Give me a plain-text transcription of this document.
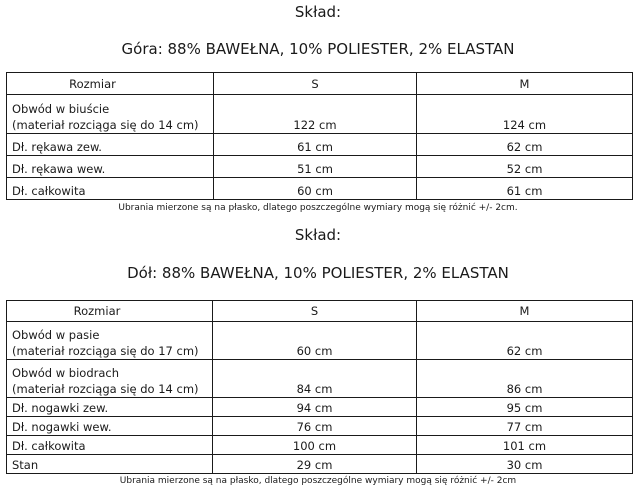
Skład:
Góra: 88% BAWEŁNA, 10% POLIESTER, 2% ELASTAN
Rozmiar	S	M

Obwód w biuście
(materiał rozciąga się do 14 cm)	122 cm	124 cm
Dł. rękawa zew.	61 cm	62 cm
Dł. rękawa wew.	51 cm	52 cm
Dł. całkowita	60 cm	61 cm
Ubrania mierzone są na płasko, dlatego poszczególne wymiary mogą się różnić +/- 2cm.
Skład:
Dół: 88% BAWEŁNA, 10% POLIESTER, 2% ELASTAN
Rozmiar	S	M

Obwód w pasie
(materiał rozciąga się do 17 cm)	60 cm	62 cm

Obwód w biodrach
(materiał rozciąga się do 14 cm)	84 cm	86 cm
Dł. nogawki zew.	94 cm	95 cm
Dł. nogawki wew.	76 cm	77 cm
Dł. całkowita	100 cm	101 cm
Stan	29 cm	30 cm
Ubrania mierzone są na płasko, dlatego poszczególne wymiary mogą się różnić +/- 2cm
